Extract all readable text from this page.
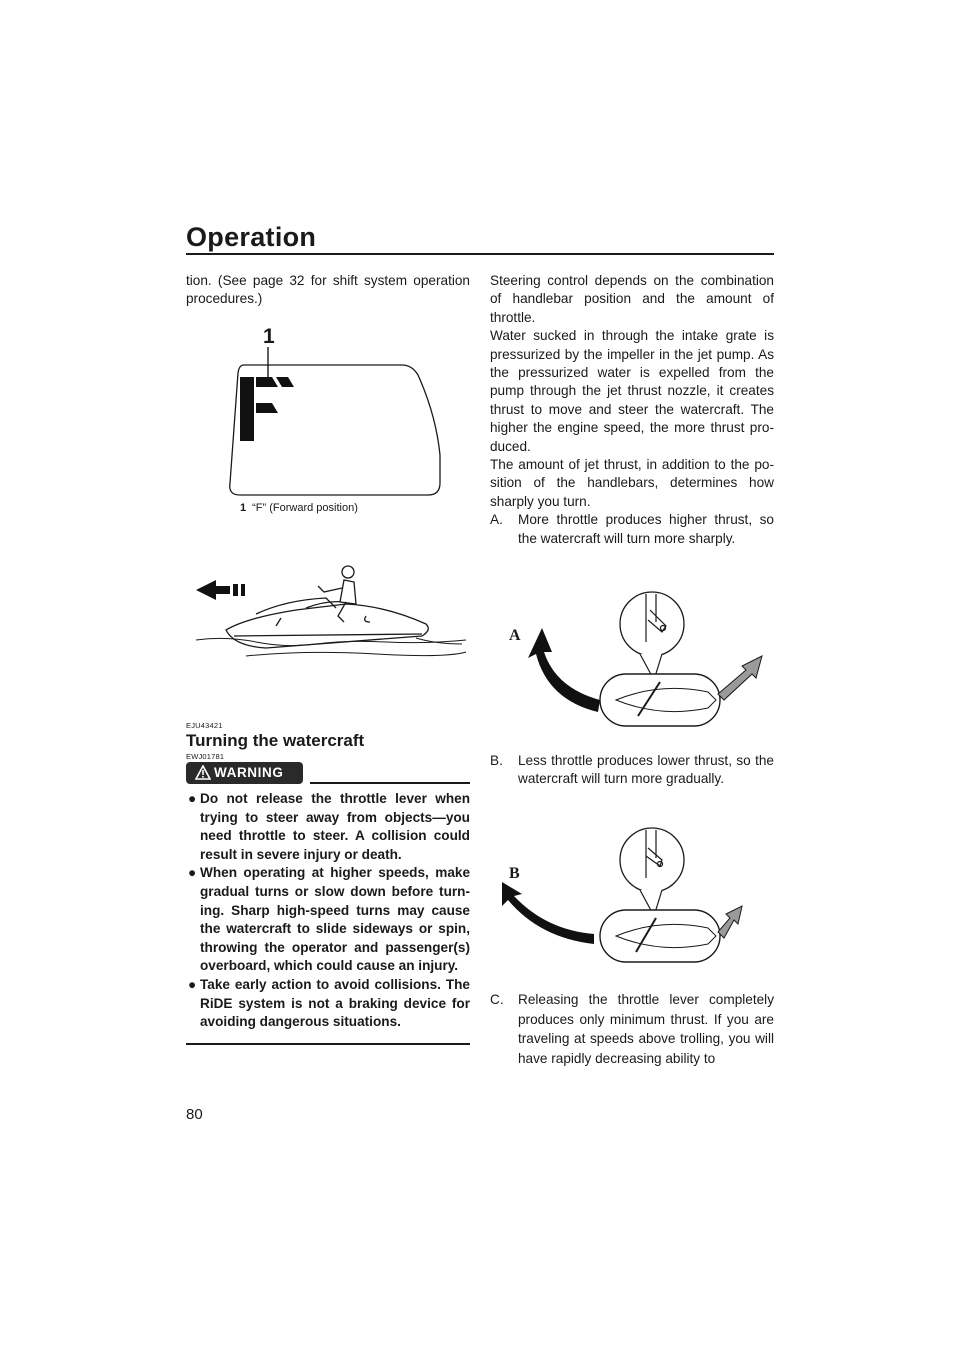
Operation

tion. (See page 32 for shift system operation procedures.)

1
1 “F” (Forward position)
EJU43421
Turning the watercraft
EWJ01781
WARNING
● Do not release the throttle lever when trying to steer away from objects—you need throttle to steer. A collision could result in severe injury or death.
● When operating at higher speeds, make gradual turns or slow down before turn-ing. Sharp high-speed turns may cause the watercraft to slide sideways or spin, throwing the operator and passenger(s) overboard, which could cause an injury.
● Take early action to avoid collisions. The RiDE system is not a braking device for avoiding dangerous situations.

Steering control depends on the combination of handlebar position and the amount of throttle.

Water sucked in through the intake grate is pressurized by the impeller in the jet pump. As the pressurized water is expelled from the pump through the jet thrust nozzle, it creates thrust to move and steer the watercraft. The higher the engine speed, the more thrust pro-duced.

The amount of jet thrust, in addition to the po-sition of the handlebars, determines how sharply you turn.

A. More throttle produces higher thrust, so the watercraft will turn more sharply.
A
B. Less throttle produces lower thrust, so the watercraft will turn more gradually.
B
C. Releasing the throttle lever completely produces only minimum thrust. If you are traveling at speeds above trolling, you will have rapidly decreasing ability to
80
